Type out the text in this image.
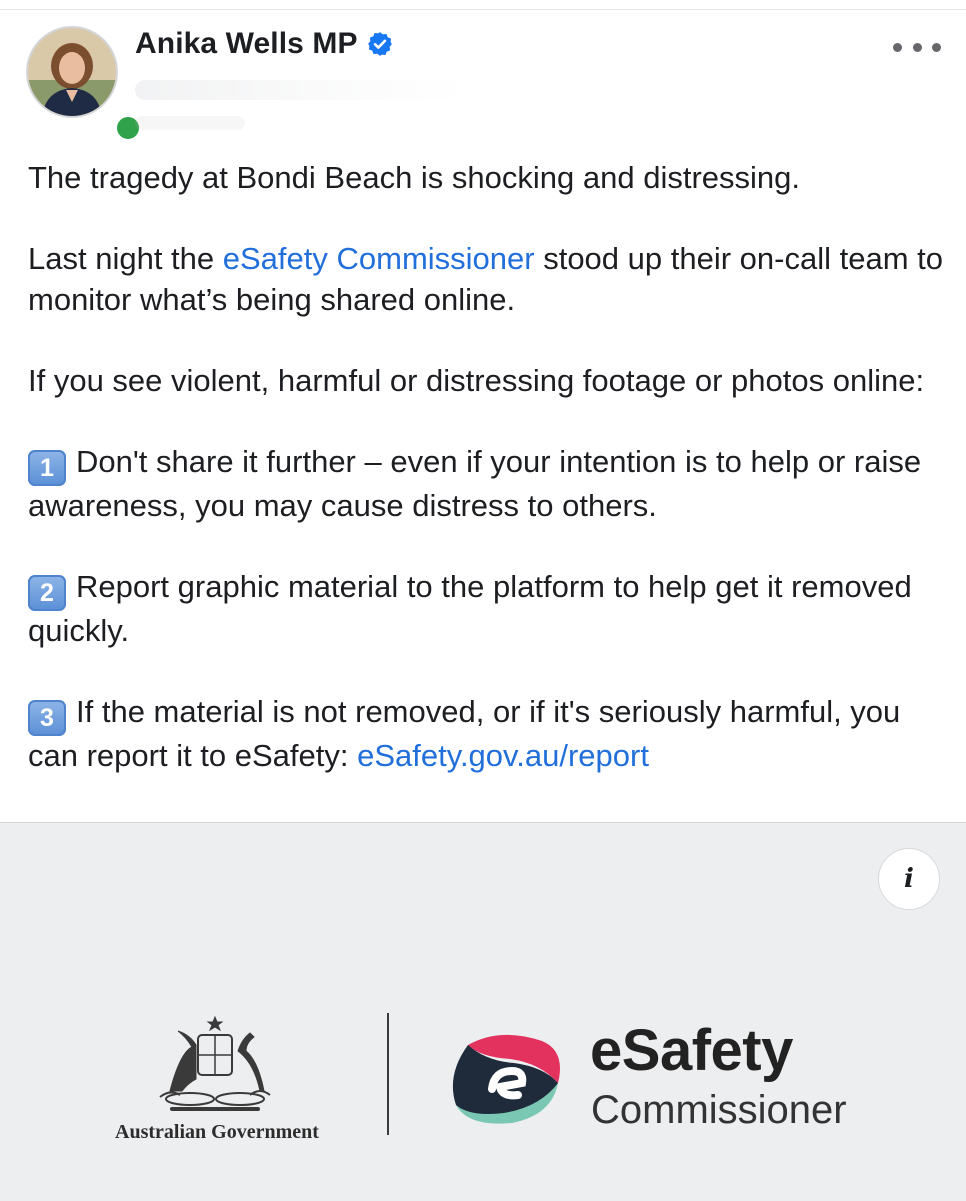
Anika Wells MP

The tragedy at Bondi Beach is shocking and distressing.

Last night the eSafety Commissioner stood up their on-call team to monitor what’s being shared online.

If you see violent, harmful or distressing footage or photos online:

1 Don't share it further – even if your intention is to help or raise awareness, you may cause distress to others.

2 Report graphic material to the platform to help get it removed quickly.

3 If the material is not removed, or if it's seriously harmful, you can report it to eSafety: eSafety.gov.au/report

i
Australian Government
eSafety
Commissioner
